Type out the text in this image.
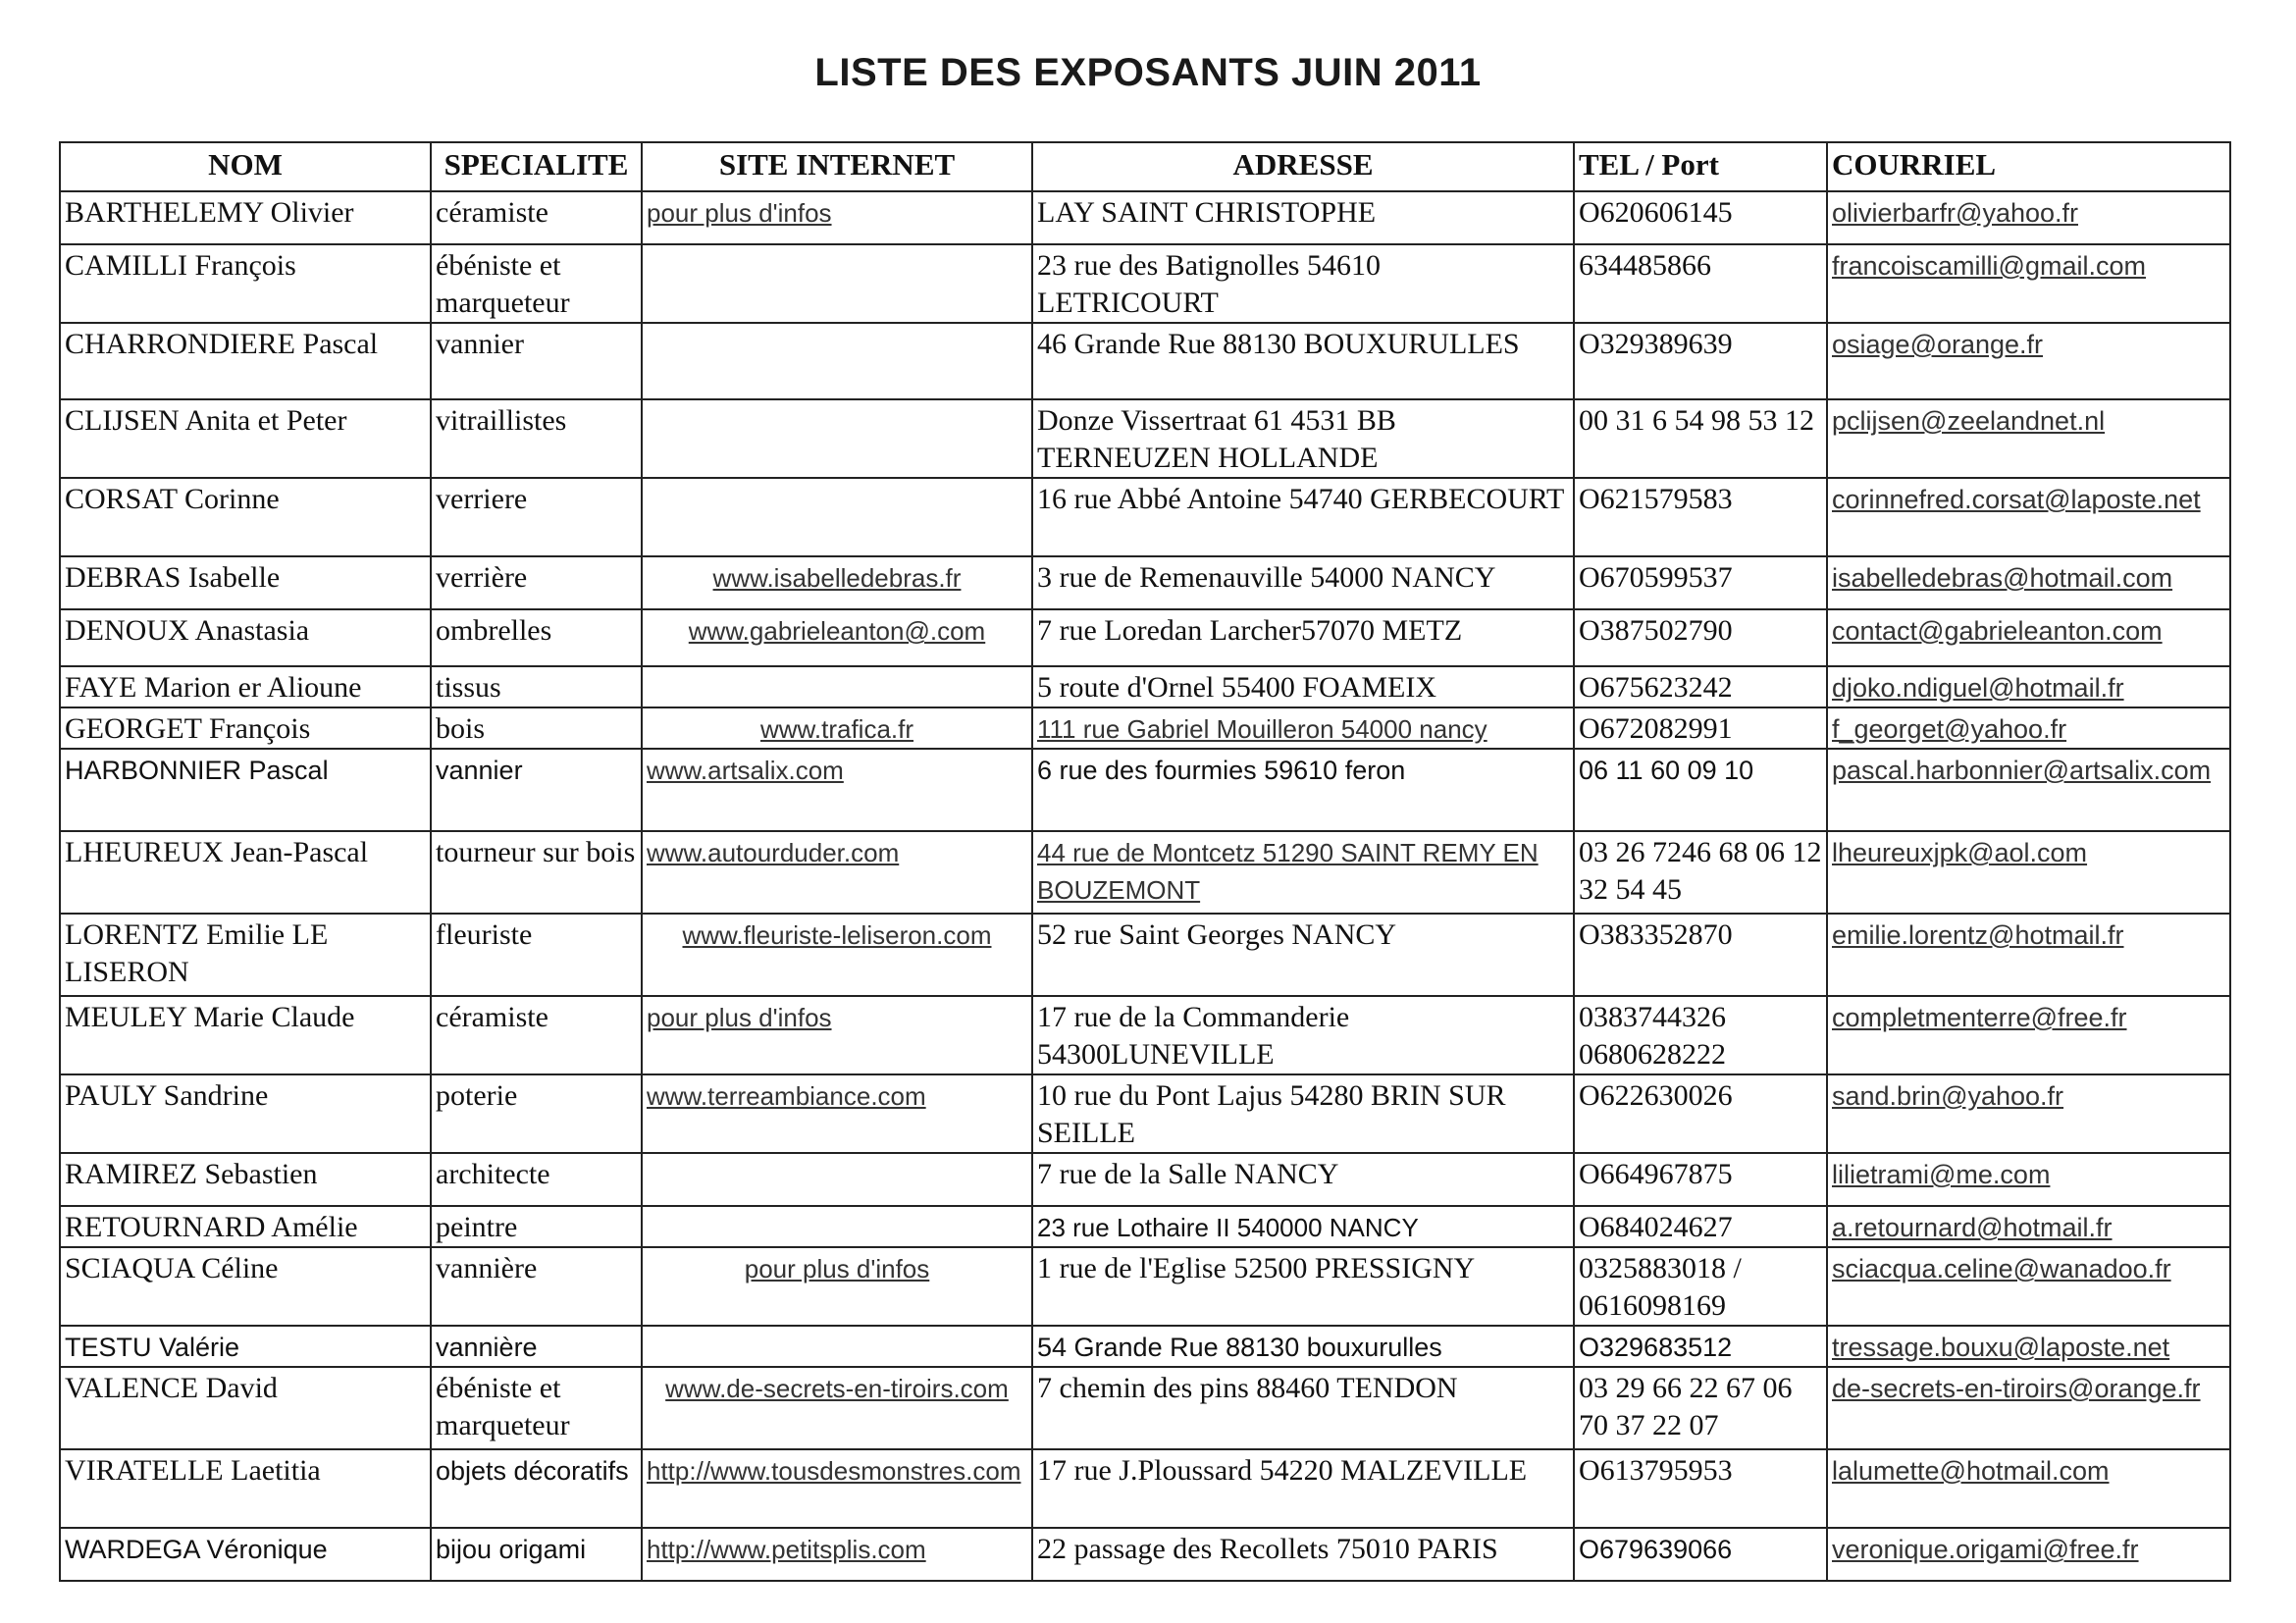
LISTE DES EXPOSANTS JUIN 2011
NOM	SPECIALITE	SITE INTERNET	ADRESSE	TEL / Port	COURRIEL
BARTHELEMY Olivier	céramiste	pour plus d'infos	LAY SAINT CHRISTOPHE	O620606145	olivierbarfr@yahoo.fr
CAMILLI François	ébéniste et marqueteur		23 rue des Batignolles 54610 LETRICOURT	634485866	francoiscamilli@gmail.com
CHARRONDIERE Pascal	vannier		46 Grande Rue 88130 BOUXURULLES	O329389639	osiage@orange.fr
CLIJSEN Anita et Peter	vitraillistes		Donze Vissertraat 61 4531 BB TERNEUZEN HOLLANDE	00 31 6 54 98 53 12	pclijsen@zeelandnet.nl
CORSAT Corinne	verriere		16 rue Abbé Antoine 54740 GERBECOURT	O621579583	corinnefred.corsat@laposte.net
DEBRAS Isabelle	verrière	www.isabelledebras.fr	3 rue de Remenauville 54000 NANCY	O670599537	isabelledebras@hotmail.com
DENOUX Anastasia	ombrelles	www.gabrieleanton@.com	7 rue Loredan Larcher57070 METZ	O387502790	contact@gabrieleanton.com
FAYE Marion er Alioune	tissus		5 route d'Ornel 55400 FOAMEIX	O675623242	djoko.ndiguel@hotmail.fr
GEORGET François	bois	www.trafica.fr	111 rue Gabriel Mouilleron 54000 nancy	O672082991	f_georget@yahoo.fr
HARBONNIER Pascal	vannier	www.artsalix.com	6 rue des fourmies 59610 feron	06 11 60 09 10	pascal.harbonnier@artsalix.com
LHEUREUX Jean-Pascal	tourneur sur bois	www.autourduder.com	44 rue de Montcetz 51290 SAINT REMY EN BOUZEMONT	03 26 7246 68 06 12 32 54 45	lheureuxjpk@aol.com
LORENTZ Emilie LE LISERON	fleuriste	www.fleuriste-leliseron.com	52 rue Saint Georges NANCY	O383352870	emilie.lorentz@hotmail.fr
MEULEY Marie Claude	céramiste	pour plus d'infos	17 rue de la Commanderie 54300LUNEVILLE	0383744326 0680628222	completmenterre@free.fr
PAULY Sandrine	poterie	www.terreambiance.com	10 rue du Pont Lajus 54280 BRIN SUR SEILLE	O622630026	sand.brin@yahoo.fr
RAMIREZ Sebastien	architecte		7 rue de la Salle NANCY	O664967875	lilietrami@me.com
RETOURNARD Amélie	peintre		23 rue Lothaire II 540000 NANCY	O684024627	a.retournard@hotmail.fr
SCIAQUA Céline	vannière	pour plus d'infos	1 rue de l'Eglise 52500 PRESSIGNY	0325883018 / 0616098169	sciacqua.celine@wanadoo.fr
TESTU Valérie	vannière		54 Grande Rue 88130 bouxurulles	O329683512	tressage.bouxu@laposte.net
VALENCE David	ébéniste et marqueteur	www.de-secrets-en-tiroirs.com	7 chemin des pins 88460 TENDON	03 29 66 22 67 06 70 37 22 07	de-secrets-en-tiroirs@orange.fr
VIRATELLE Laetitia	objets décoratifs	http://www.tousdesmonstres.com	17 rue J.Ploussard 54220 MALZEVILLE	O613795953	lalumette@hotmail.com
WARDEGA Véronique	bijou origami	http://www.petitsplis.com	22 passage des Recollets 75010 PARIS	O679639066	veronique.origami@free.fr
